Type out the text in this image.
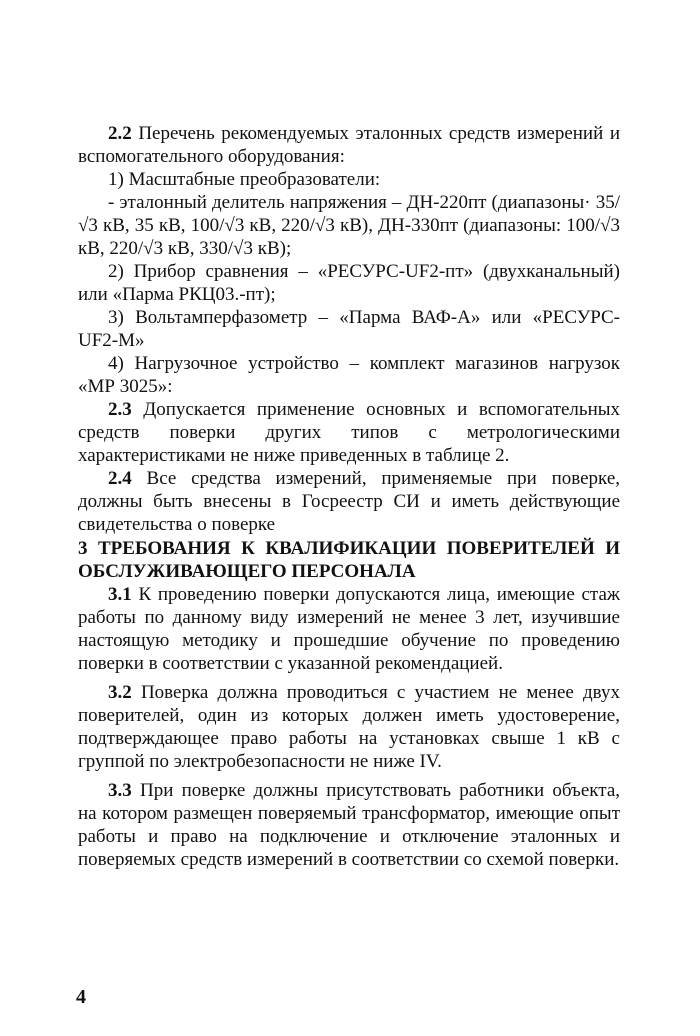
2.2 Перечень рекомендуемых эталонных средств измерений и вспомогательного оборудования:

1) Масштабные преобразователи:

- эталонный делитель напряжения – ДН-220пт (диапазоны· 35/√3 кВ, 35 кВ, 100/√3 кВ, 220/√3 кВ), ДН-330пт (диапазоны: 100/√3 кВ, 220/√3 кВ, 330/√3 кВ);

2) Прибор сравнения – «РЕСУРС-UF2-пт» (двухканальный) или «Парма РКЦ03.-пт);

3) Вольтамперфазометр – «Парма ВАФ-А» или «РЕСУРС-UF2-М»

4) Нагрузочное устройство – комплект магазинов нагрузок «МР 3025»:

2.3 Допускается применение основных и вспомогательных средств поверки других типов с метрологическими характеристиками не ниже приведенных в таблице 2.

2.4 Все средства измерений, применяемые при поверке, должны быть внесены в Госреестр СИ и иметь действующие свидетельства о поверке

3 ТРЕБОВАНИЯ К КВАЛИФИКАЦИИ ПОВЕРИТЕЛЕЙ И ОБСЛУЖИВАЮЩЕГО ПЕРСОНАЛА

3.1 К проведению поверки допускаются лица, имеющие стаж работы по данному виду измерений не менее 3 лет, изучившие настоящую методику и прошедшие обучение по проведению поверки в соответствии с указанной рекомендацией.

3.2 Поверка должна проводиться с участием не менее двух поверителей, один из которых должен иметь удостоверение, подтверждающее право работы на установках свыше 1 кВ с группой по электробезопасности не ниже IV.

3.3 При поверке должны присутствовать работники объекта, на котором размещен поверяемый трансформатор, имеющие опыт работы и право на подключение и отключение эталонных и поверяемых средств измерений в соответствии со схемой поверки.

4
